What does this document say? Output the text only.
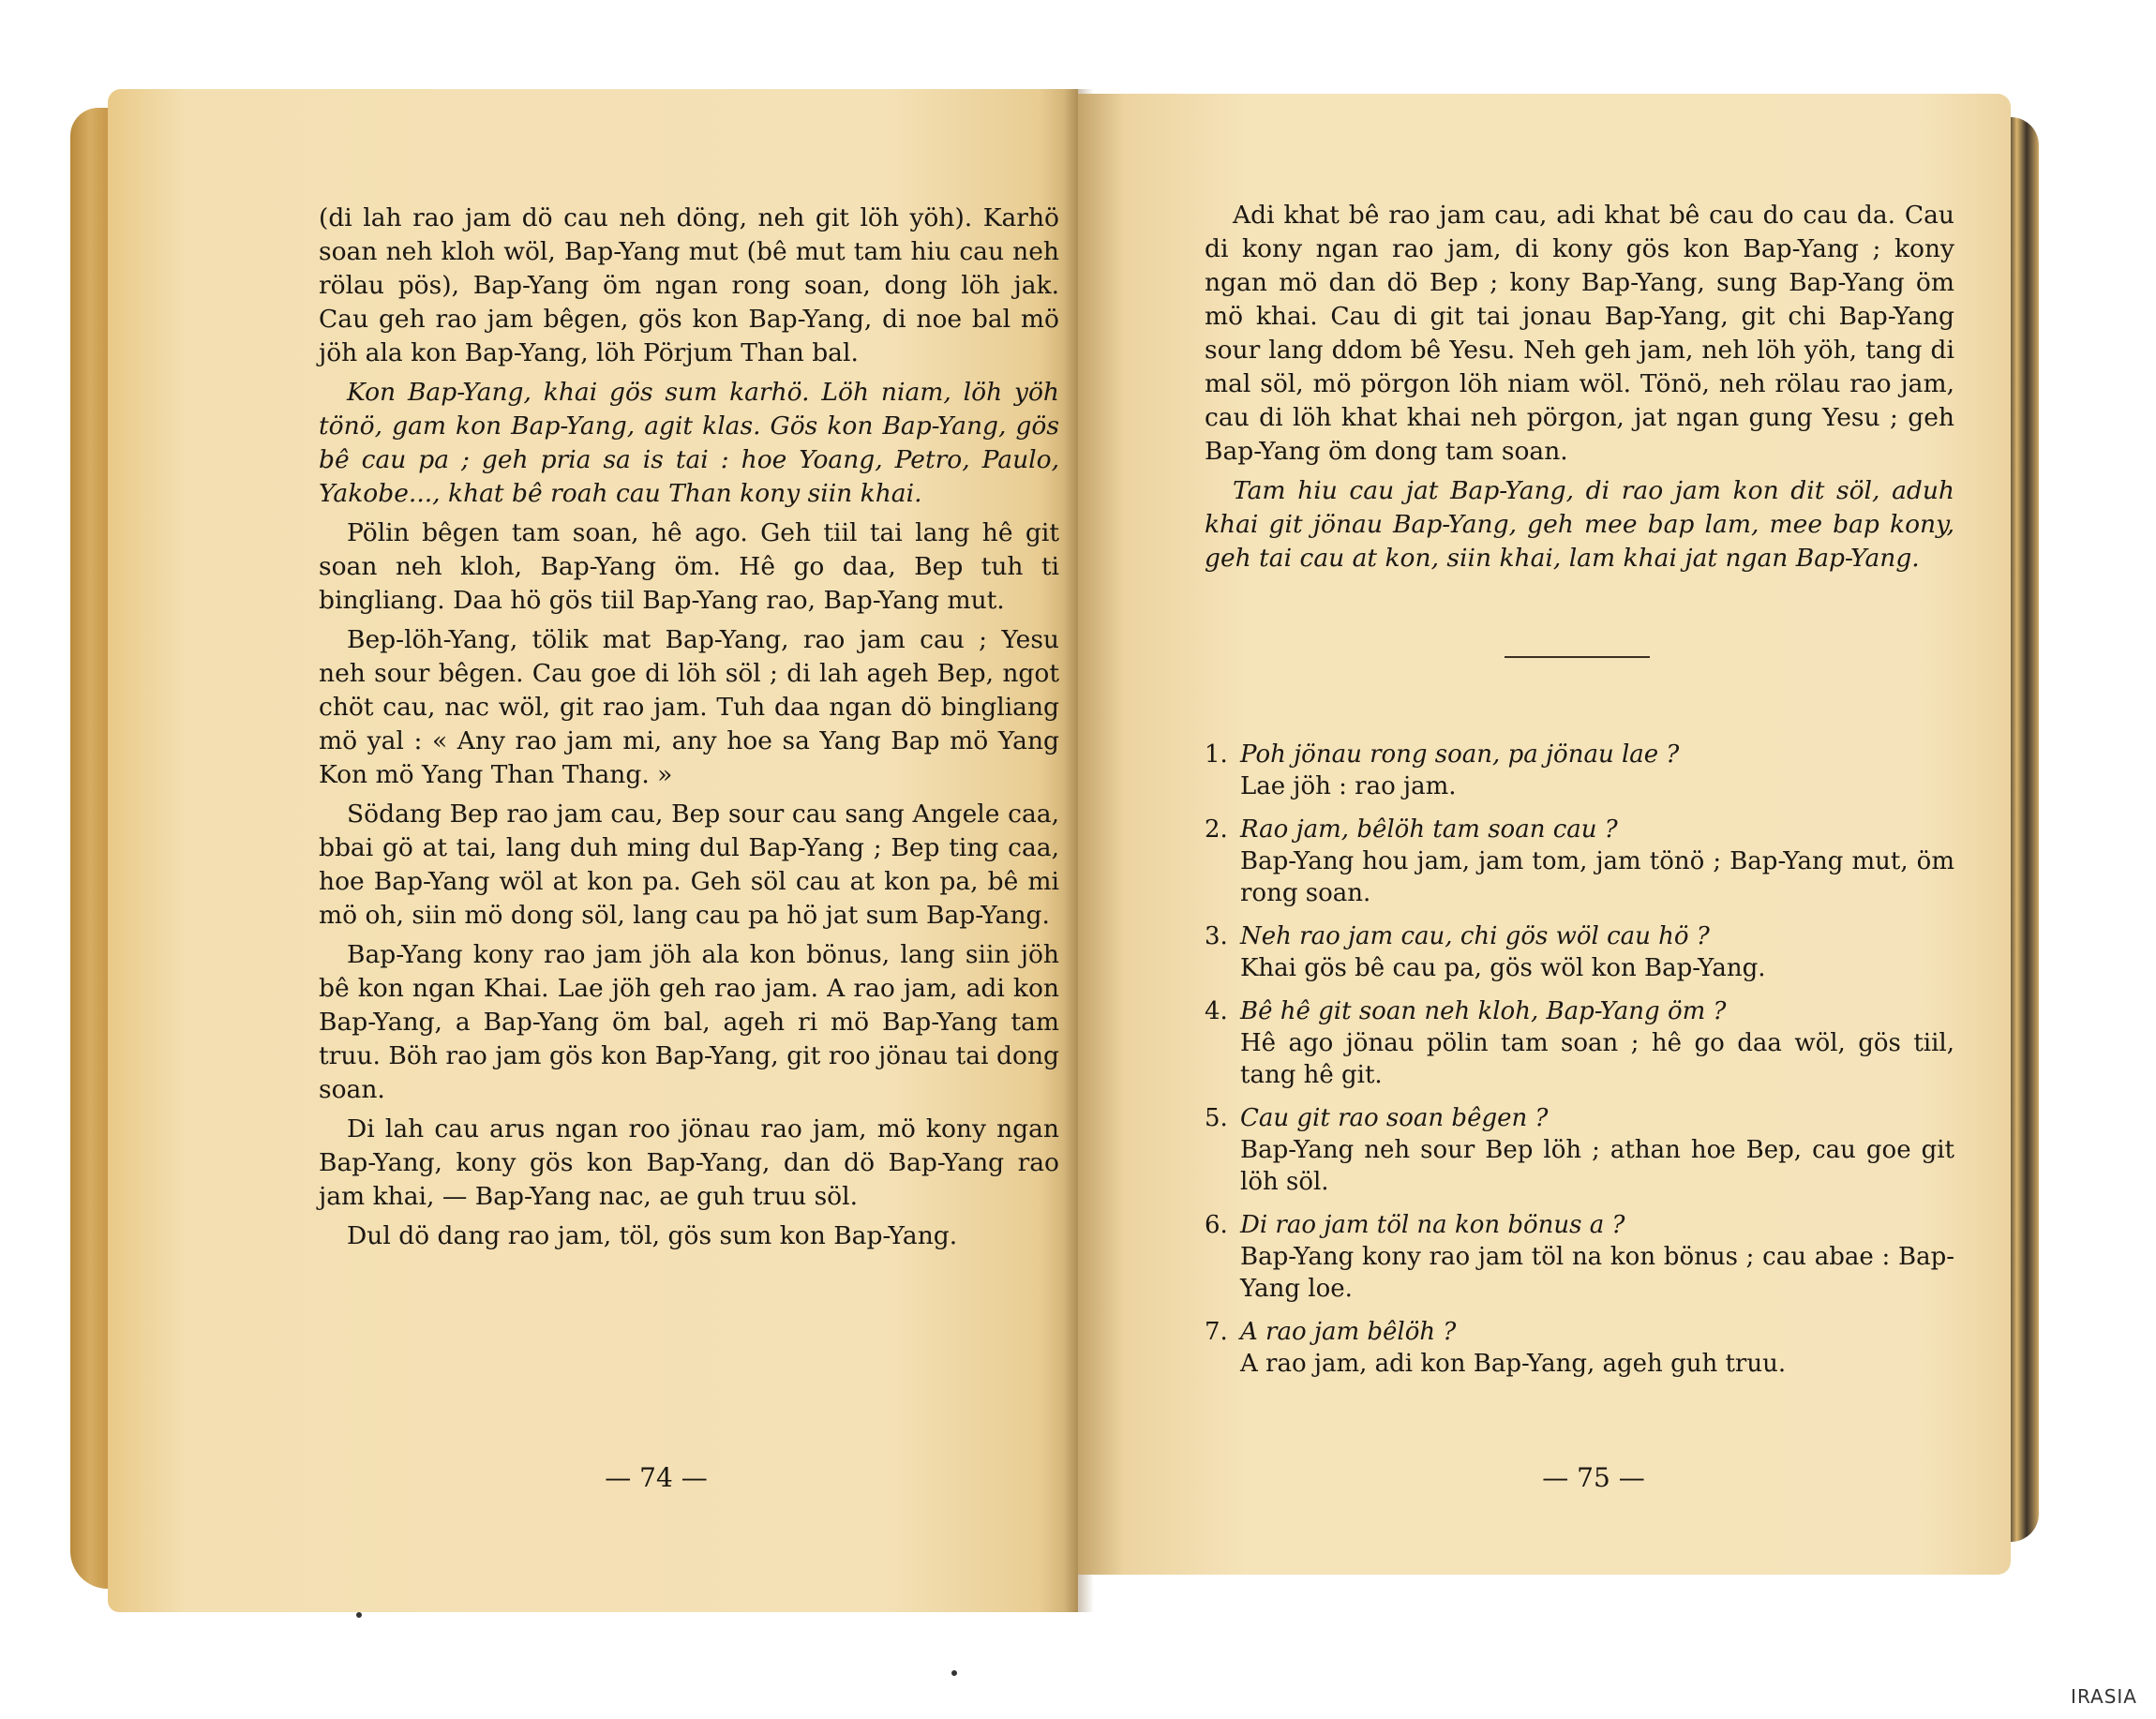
(di lah rao jam dö cau neh döng, neh git löh yöh). Karhö soan neh kloh wöl, Bap-Yang mut (bê mut tam hiu cau neh rölau pös), Bap-Yang öm ngan rong soan, dong löh jak. Cau geh rao jam bêgen, gös kon Bap-Yang, di noe bal mö jöh ala kon Bap-Yang, löh Pörjum Than bal.

Kon Bap-Yang, khai gös sum karhö. Löh niam, löh yöh tönö, gam kon Bap-Yang, agit klas. Gös kon Bap-Yang, gös bê cau pa ; geh pria sa is tai : hoe Yoang, Petro, Paulo, Yakobe..., khat bê roah cau Than kony siin khai.

Pölin bêgen tam soan, hê ago. Geh tiil tai lang hê git soan neh kloh, Bap-Yang öm. Hê go daa, Bep tuh ti bingliang. Daa hö gös tiil Bap-Yang rao, Bap-Yang mut.

Bep-löh-Yang, tölik mat Bap-Yang, rao jam cau ; Yesu neh sour bêgen. Cau goe di löh söl ; di lah ageh Bep, ngot chöt cau, nac wöl, git rao jam. Tuh daa ngan dö bingliang mö yal : « Any rao jam mi, any hoe sa Yang Bap mö Yang Kon mö Yang Than Thang. »

Södang Bep rao jam cau, Bep sour cau sang Angele caa, bbai gö at tai, lang duh ming dul Bap-Yang ; Bep ting caa, hoe Bap-Yang wöl at kon pa. Geh söl cau at kon pa, bê mi mö oh, siin mö dong söl, lang cau pa hö jat sum Bap-Yang.

Bap-Yang kony rao jam jöh ala kon bönus, lang siin jöh bê kon ngan Khai. Lae jöh geh rao jam. A rao jam, adi kon Bap-Yang, a Bap-Yang öm bal, ageh ri mö Bap-Yang tam truu. Böh rao jam gös kon Bap-Yang, git roo jönau tai dong soan.

Di lah cau arus ngan roo jönau rao jam, mö kony ngan Bap-Yang, kony gös kon Bap-Yang, dan dö Bap-Yang rao jam khai, — Bap-Yang nac, ae guh truu söl.

Dul dö dang rao jam, töl, gös sum kon Bap-Yang.

— 74 —

Adi khat bê rao jam cau, adi khat bê cau do cau da. Cau di kony ngan rao jam, di kony gös kon Bap-Yang ; kony ngan mö dan dö Bep ; kony Bap-Yang, sung Bap-Yang öm mö khai. Cau di git tai jonau Bap-Yang, git chi Bap-Yang sour lang ddom bê Yesu. Neh geh jam, neh löh yöh, tang di mal söl, mö pörgon löh niam wöl. Tönö, neh rölau rao jam, cau di löh khat khai neh pörgon, jat ngan gung Yesu ; geh Bap-Yang öm dong tam soan.

Tam hiu cau jat Bap-Yang, di rao jam kon dit söl, aduh khai git jönau Bap-Yang, geh mee bap lam, mee bap kony, geh tai cau at kon, siin khai, lam khai jat ngan Bap-Yang.

1. Poh jönau rong soan, pa jönau lae ?
Lae jöh : rao jam.
2. Rao jam, bêlöh tam soan cau ?
Bap-Yang hou jam, jam tom, jam tönö ; Bap-Yang mut, öm rong soan.
3. Neh rao jam cau, chi gös wöl cau hö ?
Khai gös bê cau pa, gös wöl kon Bap-Yang.
4. Bê hê git soan neh kloh, Bap-Yang öm ?
Hê ago jönau pölin tam soan ; hê go daa wöl, gös tiil, tang hê git.
5. Cau git rao soan bêgen ?
Bap-Yang neh sour Bep löh ; athan hoe Bep, cau goe git löh söl.
6. Di rao jam töl na kon bönus a ?
Bap-Yang kony rao jam töl na kon bönus ; cau abae : Bap-Yang loe.
7. A rao jam bêlöh ?
A rao jam, adi kon Bap-Yang, ageh guh truu.
— 75 —
IRASIA
